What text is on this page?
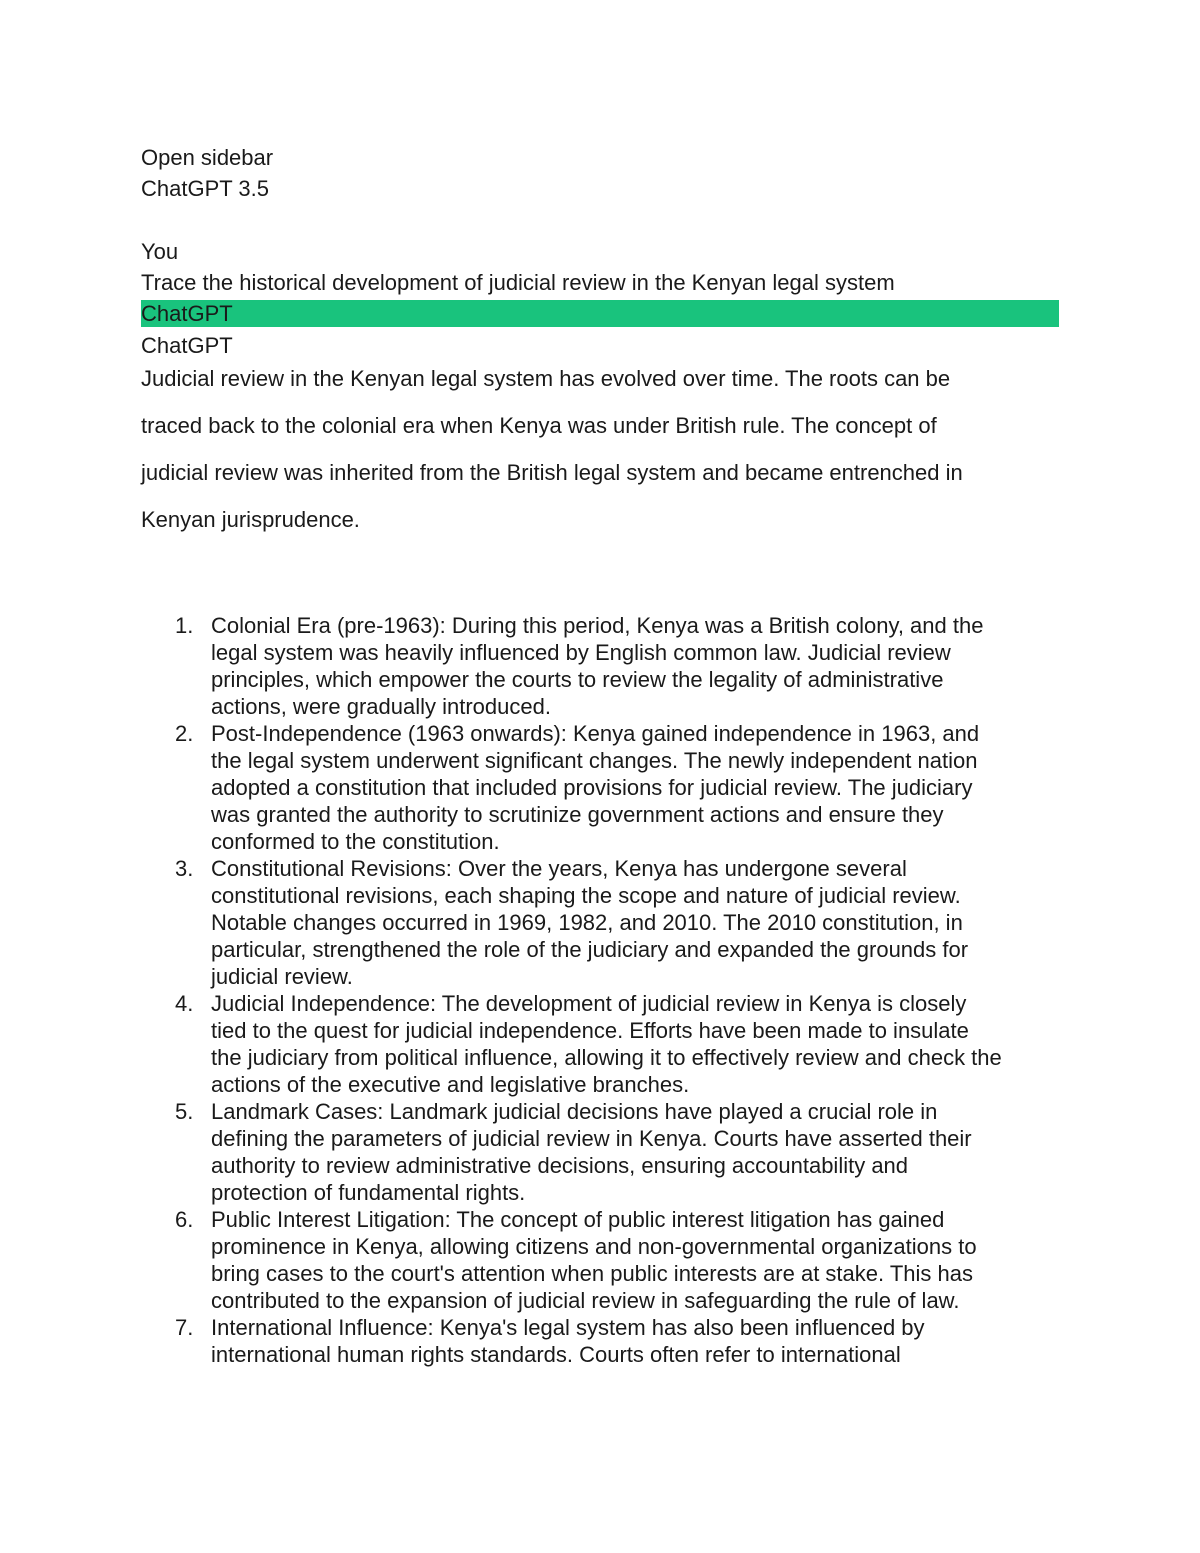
Open sidebar
ChatGPT 3.5
You
Trace the historical development of judicial review in the Kenyan legal system
ChatGPT
ChatGPT
Judicial review in the Kenyan legal system has evolved over time. The roots can be
traced back to the colonial era when Kenya was under British rule. The concept of
judicial review was inherited from the British legal system and became entrenched in
Kenyan jurisprudence.
1. Colonial Era (pre-1963): During this period, Kenya was a British colony, and the
legal system was heavily influenced by English common law. Judicial review
principles, which empower the courts to review the legality of administrative
actions, were gradually introduced.
2. Post-Independence (1963 onwards): Kenya gained independence in 1963, and
the legal system underwent significant changes. The newly independent nation
adopted a constitution that included provisions for judicial review. The judiciary
was granted the authority to scrutinize government actions and ensure they
conformed to the constitution.
3. Constitutional Revisions: Over the years, Kenya has undergone several
constitutional revisions, each shaping the scope and nature of judicial review.
Notable changes occurred in 1969, 1982, and 2010. The 2010 constitution, in
particular, strengthened the role of the judiciary and expanded the grounds for
judicial review.
4. Judicial Independence: The development of judicial review in Kenya is closely
tied to the quest for judicial independence. Efforts have been made to insulate
the judiciary from political influence, allowing it to effectively review and check the
actions of the executive and legislative branches.
5. Landmark Cases: Landmark judicial decisions have played a crucial role in
defining the parameters of judicial review in Kenya. Courts have asserted their
authority to review administrative decisions, ensuring accountability and
protection of fundamental rights.
6. Public Interest Litigation: The concept of public interest litigation has gained
prominence in Kenya, allowing citizens and non-governmental organizations to
bring cases to the court's attention when public interests are at stake. This has
contributed to the expansion of judicial review in safeguarding the rule of law.
7. International Influence: Kenya's legal system has also been influenced by
international human rights standards. Courts often refer to international
